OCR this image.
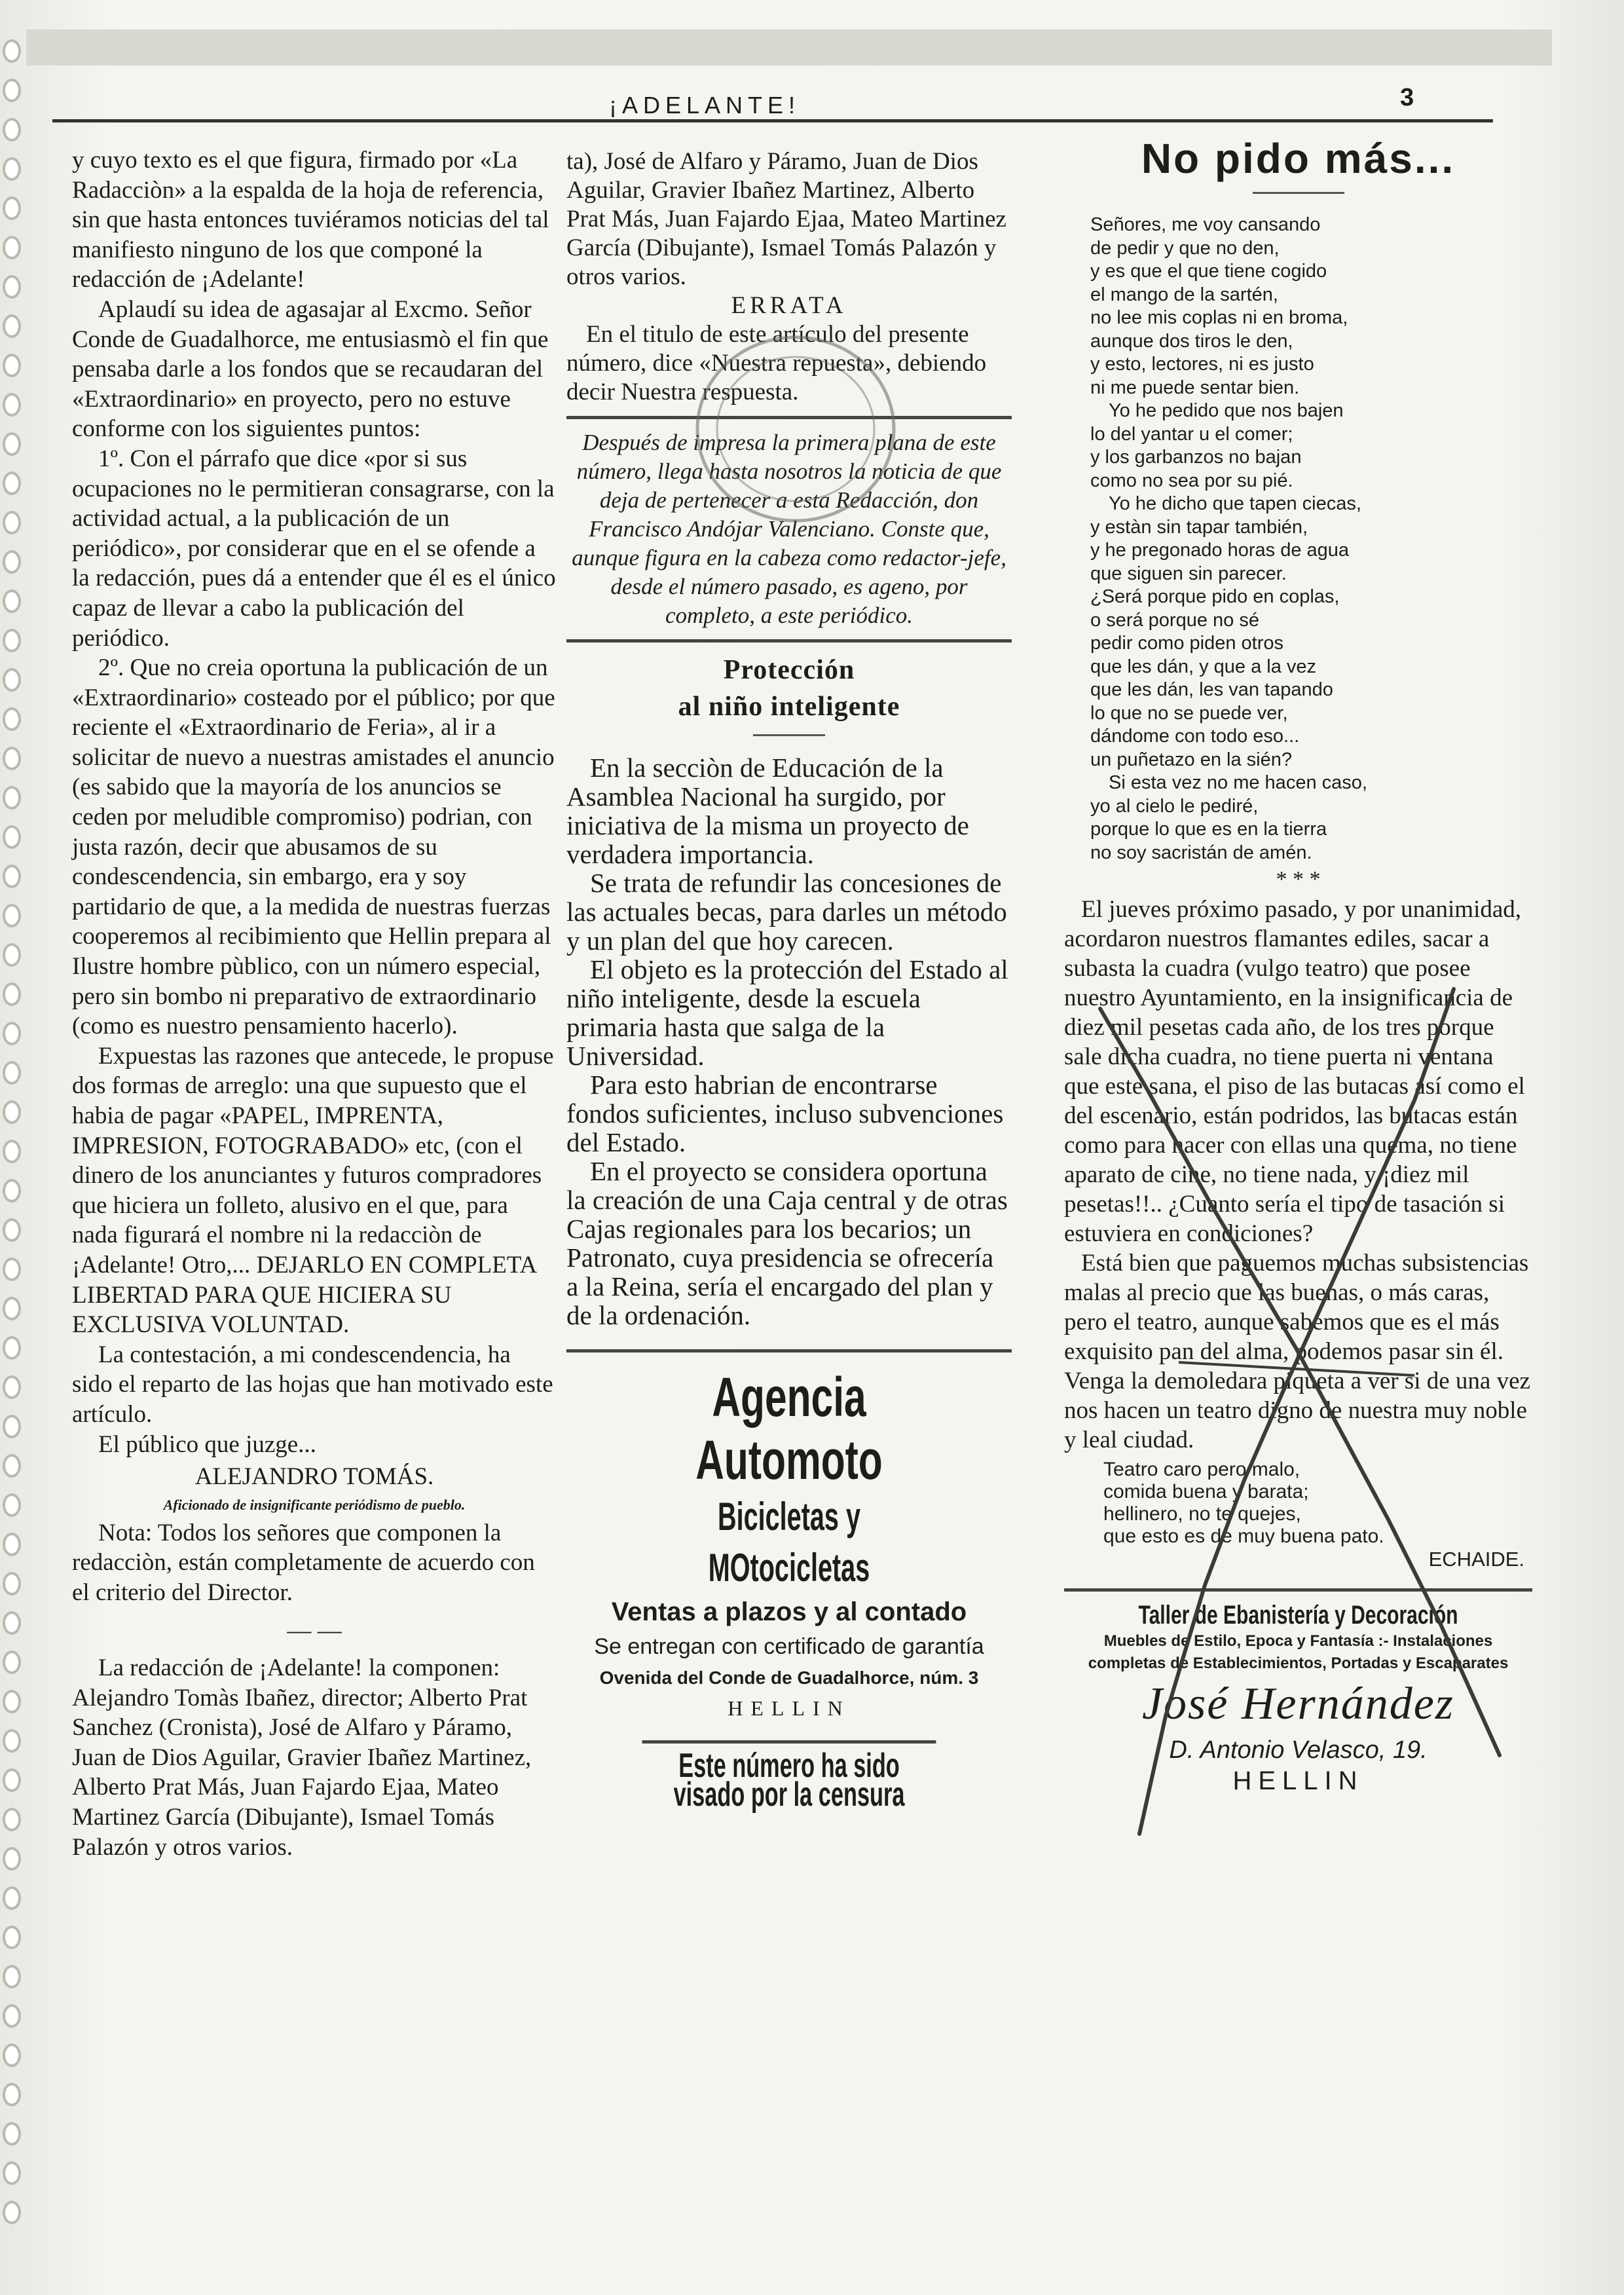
¡ADELANTE!	3

y cuyo texto es el que figura, firmado por «La Radacciòn» a la espalda de la hoja de referencia, sin que hasta entonces tuviéramos noticias del tal manifiesto ninguno de los que componé la redacción de ¡Adelante!

Aplaudí su idea de agasajar al Excmo. Señor Conde de Guadalhorce, me entusiasmò el fin que pensaba darle a los fondos que se recaudaran del «Extraordinario» en proyecto, pero no estuve conforme con los siguientes puntos:

1º. Con el párrafo que dice «por si sus ocupaciones no le permitieran consagrarse, con la actividad actual, a la publicación de un periódico», por considerar que en el se ofende a la redacción, pues dá a entender que él es el único capaz de llevar a cabo la publicación del periódico.

2º. Que no creia oportuna la publicación de un «Extraordinario» costeado por el público; por que reciente el «Extraordinario de Feria», al ir a solicitar de nuevo a nuestras amistades el anuncio (es sabido que la mayoría de los anuncios se ceden por meludible compromiso) podrian, con justa razón, decir que abusamos de su condescendencia, sin embargo, era y soy partidario de que, a la medida de nuestras fuerzas cooperemos al recibimiento que Hellin prepara al Ilustre hombre pùblico, con un número especial, pero sin bombo ni preparativo de extraordinario (como es nuestro pensamiento hacerlo).

Expuestas las razones que antecede, le propuse dos formas de arreglo: una que supuesto que el habia de pagar «PAPEL, IMPRENTA, IMPRESION, FOTOGRABADO» etc, (con el dinero de los anunciantes y futuros compradores que hiciera un folleto, alusivo en el que, para nada figurará el nombre ni la redacciòn de ¡Adelante! Otro,... DEJARLO EN COMPLETA LIBERTAD PARA QUE HICIERA SU EXCLUSIVA VOLUNTAD.

La contestación, a mi condescendencia, ha sido el reparto de las hojas que han motivado este artículo.

El público que juzge...

ALEJANDRO TOMÁS.

Aficionado de insignificante periódismo de pueblo.

Nota: Todos los señores que componen la redacciòn, están completamente de acuerdo con el criterio del Director.

— —

La redacción de ¡Adelante! la componen: Alejandro Tomàs Ibañez, director; Alberto Prat Sanchez (Cronista), José de Alfaro y Páramo, Juan de Dios Aguilar, Gravier Ibañez Martinez, Alberto Prat Más, Juan Fajardo Ejaa, Mateo Martinez García (Dibujante), Ismael Tomás Palazón y otros varios.

ta), José de Alfaro y Páramo, Juan de Dios Aguilar, Gravier Ibañez Martinez, Alberto Prat Más, Juan Fajardo Ejaa, Mateo Martinez García (Dibujante), Ismael Tomás Palazón y otros varios.

ERRATA

En el titulo de este artículo del presente número, dice «Nuestra repuesta», debiendo decir Nuestra respuesta.

Después de impresa la primera plana de este número, llega hasta nosotros la noticia de que deja de pertenecer a esta Redacción, don Francisco Andójar Valenciano. Conste que, aunque figura en la cabeza como redactor-jefe, desde el número pasado, es ageno, por completo, a este periódico.

Protección

al niño inteligente

En la secciòn de Educación de la Asamblea Nacional ha surgido, por iniciativa de la misma un proyecto de verdadera importancia.

Se trata de refundir las concesiones de las actuales becas, para darles un método y un plan del que hoy carecen.

El objeto es la protección del Estado al niño inteligente, desde la escuela primaria hasta que salga de la Universidad.

Para esto habrian de encontrarse fondos suficientes, incluso subvenciones del Estado.

En el proyecto se considera oportuna la creación de una Caja central y de otras Cajas regionales para los becarios; un Patronato, cuya presidencia se ofrecería a la Reina, sería el encargado del plan y de la ordenación.

Agencia Automoto
Bicicletas y MOtocicletas
Ventas a plazos y al contado
Se entregan con certificado de garantía
Ovenida del Conde de Guadalhorce, núm. 3
HELLIN
Este número ha sido visado por la censura
No pido más...
Señores, me voy cansando
de pedir y que no den,
y es que el que tiene cogido
el mango de la sartén,
no lee mis coplas ni en broma,
aunque dos tiros le den,
y esto, lectores, ni es justo
ni me puede sentar bien.
Yo he pedido que nos bajen
lo del yantar u el comer;
y los garbanzos no bajan
como no sea por su pié.
Yo he dicho que tapen ciecas,
y estàn sin tapar también,
y he pregonado horas de agua
que siguen sin parecer.
¿Será porque pido en coplas,
o será porque no sé
pedir como piden otros
que les dán, y que a la vez
que les dán, les van tapando
lo que no se puede ver,
dándome con todo eso...
un puñetazo en la sién?
Si esta vez no me hacen caso,
yo al cielo le pediré,
porque lo que es en la tierra
no soy sacristán de amén.
* * *

El jueves próximo pasado, y por unanimidad, acordaron nuestros flamantes ediles, sacar a subasta la cuadra (vulgo teatro) que posee nuestro Ayuntamiento, en la insignificancia de diez mil pesetas cada año, de los tres porque sale dicha cuadra, no tiene puerta ni ventana que este sana, el piso de las butacas así como el del escenario, están podridos, las butacas están como para hacer con ellas una quema, no tiene aparato de cine, no tiene nada, y ¡diez mil pesetas!!.. ¿Cuanto sería el tipo de tasación si estuviera en condiciones?

Está bien que paguemos muchas subsistencias malas al precio que las buenas, o más caras, pero el teatro, aunque sabemos que es el más exquisito pan del alma, podemos pasar sin él. Venga la demoledara piqueta a ver si de una vez nos hacen un teatro digno de nuestra muy noble y leal ciudad.

Teatro caro pero malo,
comida buena y barata;
hellinero, no te quejes,
que esto es de muy buena pato.
ECHAIDE.
Taller de Ebanistería y Decoración
Muebles de Estilo, Epoca y Fantasía :- Instalaciones
completas de Establecimientos, Portadas y Escaparates
José Hernández
D. Antonio Velasco, 19.
HELLIN
